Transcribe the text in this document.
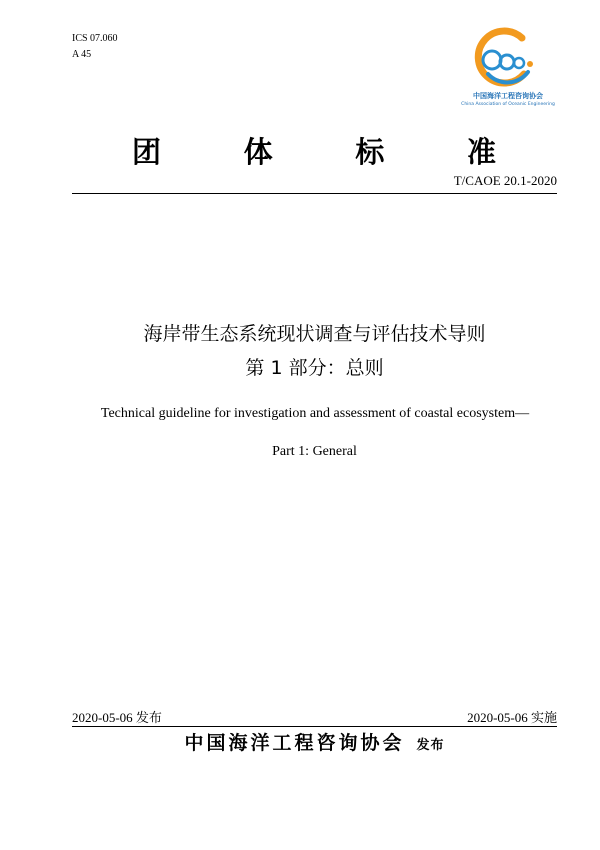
ICS 07.060
A 45
中国海洋工程咨询协会
China Association of Oceanic Engineering
团	体	标	准
T/CAOE 20.1-2020
海岸带生态系统现状调查与评估技术导则
第 1 部分：总则
Technical guideline for investigation and assessment of coastal ecosystem—
Part 1: General
2020-05-06 发布	2020-05-06 实施
中国海洋工程咨询协会 发布
